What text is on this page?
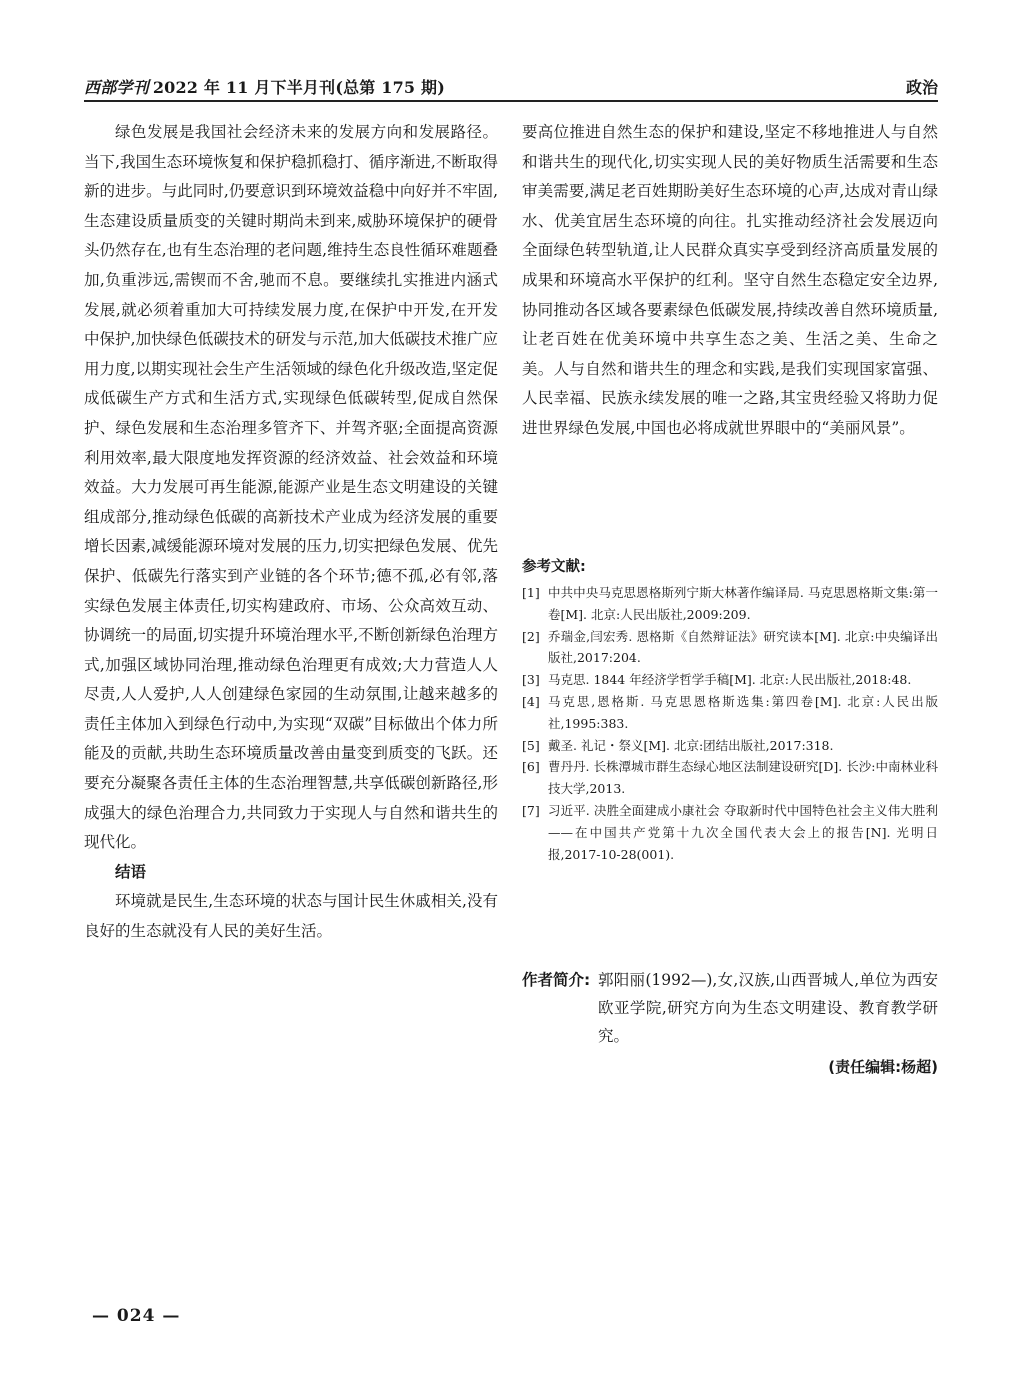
西部学刊 2022 年 11 月下半月刊(总第 175 期)	政治

绿色发展是我国社会经济未来的发展方向和发展路径。当下,我国生态环境恢复和保护稳抓稳打、循序渐进,不断取得新的进步。与此同时,仍要意识到环境效益稳中向好并不牢固,生态建设质量质变的关键时期尚未到来,威胁环境保护的硬骨头仍然存在,也有生态治理的老问题,维持生态良性循环难题叠加,负重涉远,需锲而不舍,驰而不息。要继续扎实推进内涵式发展,就必须着重加大可持续发展力度,在保护中开发,在开发中保护,加快绿色低碳技术的研发与示范,加大低碳技术推广应用力度,以期实现社会生产生活领域的绿色化升级改造,坚定促成低碳生产方式和生活方式,实现绿色低碳转型,促成自然保护、绿色发展和生态治理多管齐下、并驾齐驱;全面提高资源利用效率,最大限度地发挥资源的经济效益、社会效益和环境效益。大力发展可再生能源,能源产业是生态文明建设的关键组成部分,推动绿色低碳的高新技术产业成为经济发展的重要增长因素,减缓能源环境对发展的压力,切实把绿色发展、优先保护、低碳先行落实到产业链的各个环节;德不孤,必有邻,落实绿色发展主体责任,切实构建政府、市场、公众高效互动、协调统一的局面,切实提升环境治理水平,不断创新绿色治理方式,加强区域协同治理,推动绿色治理更有成效;大力营造人人尽责,人人爱护,人人创建绿色家园的生动氛围,让越来越多的责任主体加入到绿色行动中,为实现“双碳”目标做出个体力所能及的贡献,共助生态环境质量改善由量变到质变的飞跃。还要充分凝聚各责任主体的生态治理智慧,共享低碳创新路径,形成强大的绿色治理合力,共同致力于实现人与自然和谐共生的现代化。

结语

环境就是民生,生态环境的状态与国计民生休戚相关,没有良好的生态就没有人民的美好生活。

要高位推进自然生态的保护和建设,坚定不移地推进人与自然和谐共生的现代化,切实实现人民的美好物质生活需要和生态审美需要,满足老百姓期盼美好生态环境的心声,达成对青山绿水、优美宜居生态环境的向往。扎实推动经济社会发展迈向全面绿色转型轨道,让人民群众真实享受到经济高质量发展的成果和环境高水平保护的红利。坚守自然生态稳定安全边界,协同推动各区域各要素绿色低碳发展,持续改善自然环境质量,让老百姓在优美环境中共享生态之美、生活之美、生命之美。人与自然和谐共生的理念和实践,是我们实现国家富强、人民幸福、民族永续发展的唯一之路,其宝贵经验又将助力促进世界绿色发展,中国也必将成就世界眼中的“美丽风景”。

参考文献:
[1] 中共中央马克思恩格斯列宁斯大林著作编译局. 马克思恩格斯文集:第一卷[M]. 北京:人民出版社,2009:209.
[2] 乔瑞金,闫宏秀. 恩格斯《自然辩证法》研究读本[M]. 北京:中央编译出版社,2017:204.
[3] 马克思. 1844 年经济学哲学手稿[M]. 北京:人民出版社,2018:48.
[4] 马克思,恩格斯. 马克思恩格斯选集:第四卷[M]. 北京:人民出版社,1995:383.
[5] 戴圣. 礼记・祭义[M]. 北京:团结出版社,2017:318.
[6] 曹丹丹. 长株潭城市群生态绿心地区法制建设研究[D]. 长沙:中南林业科技大学,2013.
[7] 习近平. 决胜全面建成小康社会 夺取新时代中国特色社会主义伟大胜利——在中国共产党第十九次全国代表大会上的报告[N]. 光明日报,2017-10-28(001).
作者简介: 郭阳丽(1992—),女,汉族,山西晋城人,单位为西安欧亚学院,研究方向为生态文明建设、教育教学研究。
(责任编辑:杨超)
— 024 —
